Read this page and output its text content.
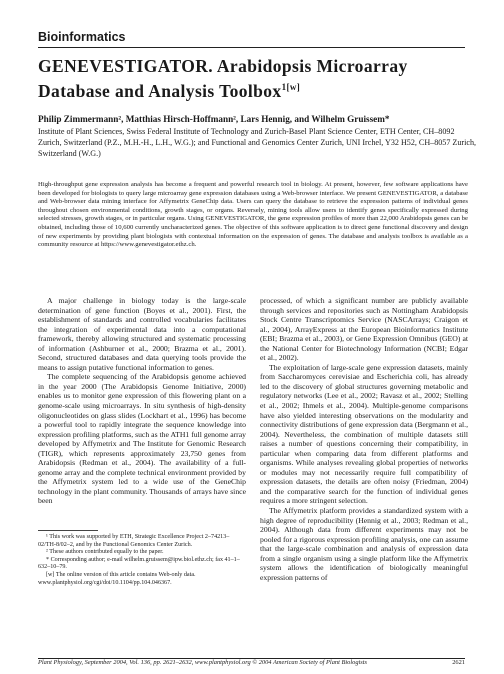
Bioinformatics
GENEVESTIGATOR. Arabidopsis Microarray Database and Analysis Toolbox$^{1[w]}$
Philip Zimmermann², Matthias Hirsch-Hoffmann², Lars Hennig, and Wilhelm Gruissem*
Institute of Plant Sciences, Swiss Federal Institute of Technology and Zurich-Basel Plant Science Center, ETH Center, CH–8092 Zurich, Switzerland (P.Z., M.H.-H., L.H., W.G.); and Functional and Genomics Center Zurich, UNI Irchel, Y32 H52, CH–8057 Zurich, Switzerland (W.G.)
High-throughput gene expression analysis has become a frequent and powerful research tool in biology. At present, however, few software applications have been developed for biologists to query large microarray gene expression databases using a Web-browser interface. We present GENEVESTIGATOR, a database and Web-browser data mining interface for Affymetrix GeneChip data. Users can query the database to retrieve the expression patterns of individual genes throughout chosen environmental conditions, growth stages, or organs. Reversely, mining tools allow users to identify genes specifically expressed during selected stresses, growth stages, or in particular organs. Using GENEVESTIGATOR, the gene expression profiles of more than 22,000 Arabidopsis genes can be obtained, including those of 10,600 currently uncharacterized genes. The objective of this software application is to direct gene functional discovery and design of new experiments by providing plant biologists with contextual information on the expression of genes. The database and analysis toolbox is available as a community resource at https://www.genevestigator.ethz.ch.

A major challenge in biology today is the large-scale determination of gene function (Boyes et al., 2001). First, the establishment of standards and controlled vocabularies facilitates the integration of experimental data into a computational framework, thereby allowing structured and systematic processing of information (Ashburner et al., 2000; Brazma et al., 2001). Second, structured databases and data querying tools provide the means to assign putative functional information to genes.

The complete sequencing of the Arabidopsis genome achieved in the year 2000 (The Arabidopsis Genome Initiative, 2000) enables us to monitor gene expression of this flowering plant on a genome-scale using microarrays. In situ synthesis of high-density oligonucleotides on glass slides (Lockhart et al., 1996) has become a powerful tool to rapidly integrate the sequence knowledge into expression profiling platforms, such as the ATH1 full genome array developed by Affymetrix and The Institute for Genomic Research (TIGR), which represents approximately 23,750 genes from Arabidopsis (Redman et al., 2004). The availability of a full-genome array and the complete technical environment provided by the Affymetrix system led to a wide use of the GeneChip technology in the plant community. Thousands of arrays have since been

processed, of which a significant number are publicly available through services and repositories such as Nottingham Arabidopsis Stock Centre Transcriptomics Service (NASCArrays; Craigon et al., 2004), ArrayExpress at the European Bioinformatics Institute (EBI; Brazma et al., 2003), or Gene Expression Omnibus (GEO) at the National Center for Biotechnology Information (NCBI; Edgar et al., 2002).

The exploitation of large-scale gene expression datasets, mainly from Saccharomyces cerevisiae and Escherichia coli, has already led to the discovery of global structures governing metabolic and regulatory networks (Lee et al., 2002; Ravasz et al., 2002; Stelling et al., 2002; Ihmels et al., 2004). Multiple-genome comparisons have also yielded interesting observations on the modularity and connectivity distributions of gene expression data (Bergmann et al., 2004). Nevertheless, the combination of multiple datasets still raises a number of questions concerning their compatibility, in particular when comparing data from different platforms and organisms. While analyses revealing global properties of networks or modules may not necessarily require full compatibility of expression datasets, the details are often noisy (Friedman, 2004) and the comparative search for the function of individual genes requires a more stringent selection.

The Affymetrix platform provides a standardized system with a high degree of reproducibility (Hennig et al., 2003; Redman et al., 2004). Although data from different experiments may not be pooled for a rigorous expression profiling analysis, one can assume that the large-scale combination and analysis of expression data from a single organism using a single platform like the Affymetrix system allows the identification of biologically meaningful expression patterns of

¹ This work was supported by ETH, Strategic Excellence Project 2–74213–02/TH-8/02–2, and by the Functional Genomics Center Zurich.
² These authors contributed equally to the paper.
* Corresponding author; e-mail wilhelm.gruissem@ipw.biol.ethz.ch; fax 41–1–632–10–79.
[w] The online version of this article contains Web-only data.
www.plantphysiol.org/cgi/doi/10.1104/pp.104.046367.
Plant Physiology, September 2004, Vol. 136, pp. 2621–2632, www.plantphysiol.org © 2004 American Society of Plant Biologists	2621
